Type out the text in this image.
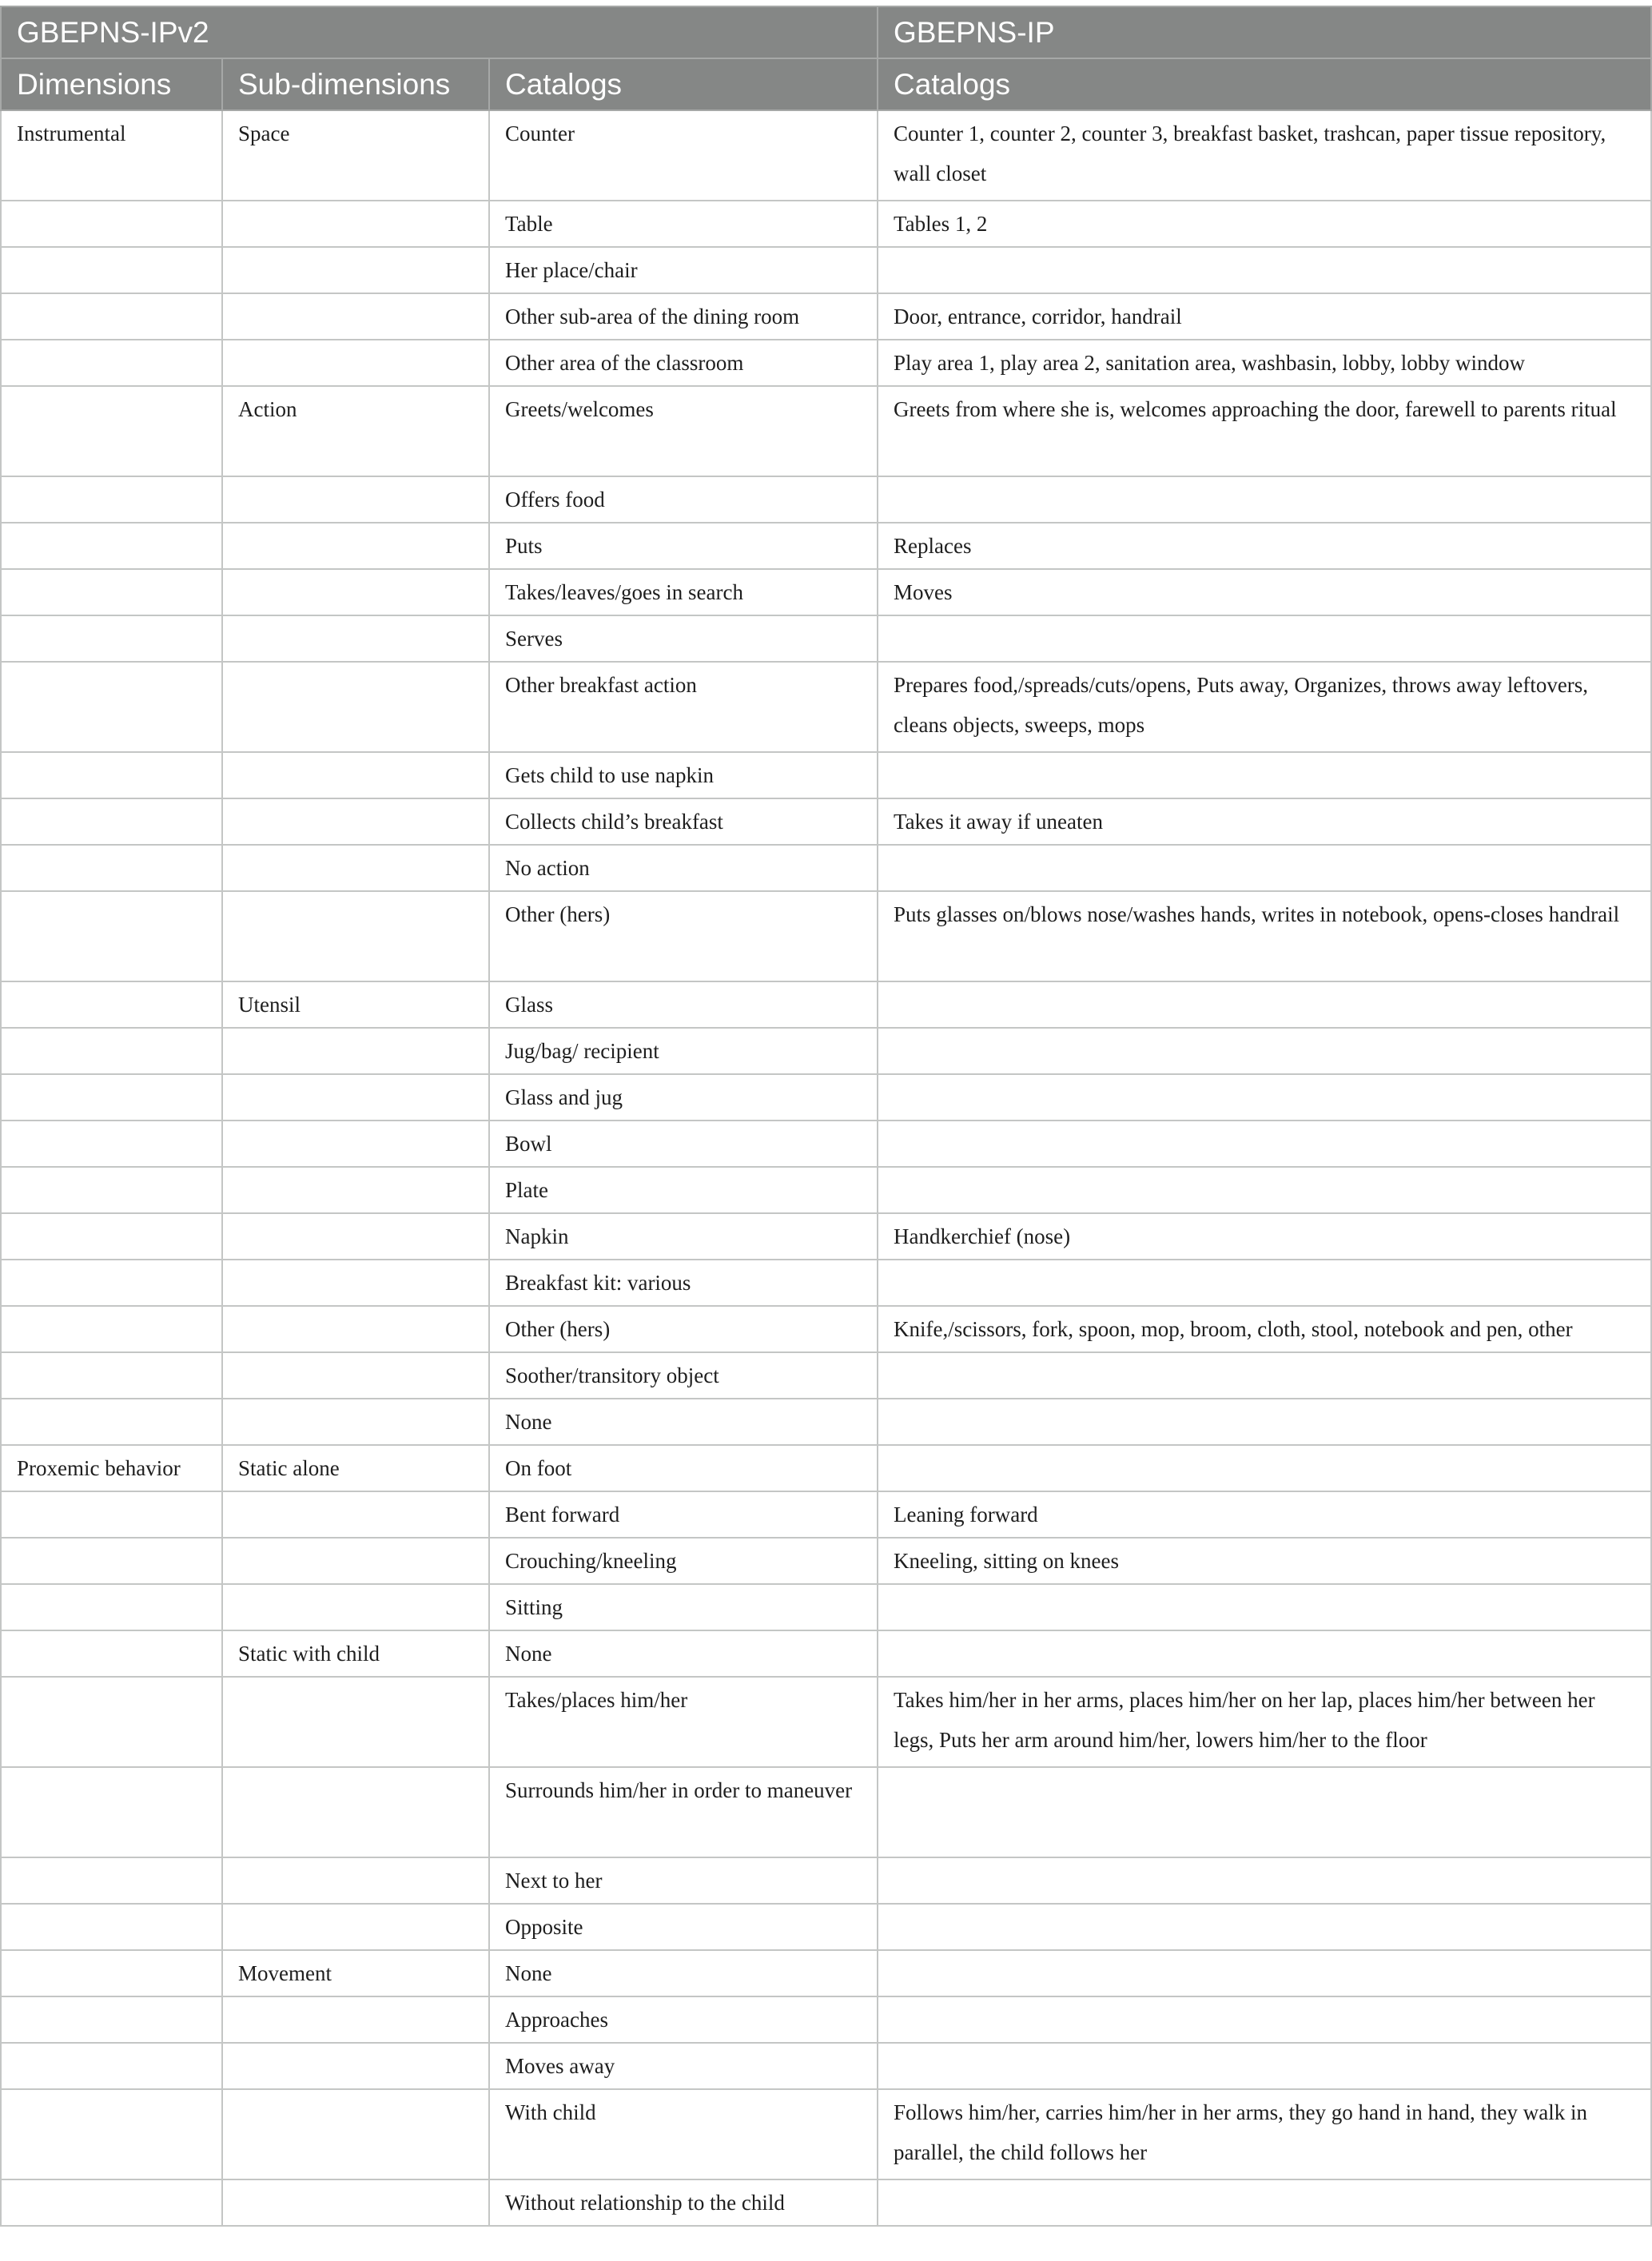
GBEPNS-IPv2			GBEPNS-IP
Dimensions	Sub-dimensions	Catalogs	Catalogs
Instrumental	Space	Counter	Counter 1, counter 2, counter 3, breakfast basket, trashcan, paper tissue repository, wall closet
		Table	Tables 1, 2
		Her place/chair	
		Other sub-area of the dining room	Door, entrance, corridor, handrail
		Other area of the classroom	Play area 1, play area 2, sanitation area, washbasin, lobby, lobby window
	Action	Greets/welcomes	Greets from where she is, welcomes approaching the door, farewell to parents ritual
		Offers food	
		Puts	Replaces
		Takes/leaves/goes in search	Moves
		Serves	
		Other breakfast action	Prepares food,/spreads/cuts/opens, Puts away, Organizes, throws away leftovers, cleans objects, sweeps, mops
		Gets child to use napkin	
		Collects child’s breakfast	Takes it away if uneaten
		No action	
		Other (hers)	Puts glasses on/blows nose/washes hands, writes in notebook, opens-closes handrail
	Utensil	Glass	
		Jug/bag/ recipient	
		Glass and jug	
		Bowl	
		Plate	
		Napkin	Handkerchief (nose)
		Breakfast kit: various	
		Other (hers)	Knife,/scissors, fork, spoon, mop, broom, cloth, stool, notebook and pen, other
		Soother/transitory object	
		None	
Proxemic behavior	Static alone	On foot	
		Bent forward	Leaning forward
		Crouching/kneeling	Kneeling, sitting on knees
		Sitting	
	Static with child	None	
		Takes/places him/her	Takes him/her in her arms, places him/her on her lap, places him/her between her legs, Puts her arm around him/her, lowers him/her to the floor
		Surrounds him/her in order to maneuver	
		Next to her	
		Opposite	
	Movement	None	
		Approaches	
		Moves away	
		With child	Follows him/her, carries him/her in her arms, they go hand in hand, they walk in parallel, the child follows her
		Without relationship to the child	
